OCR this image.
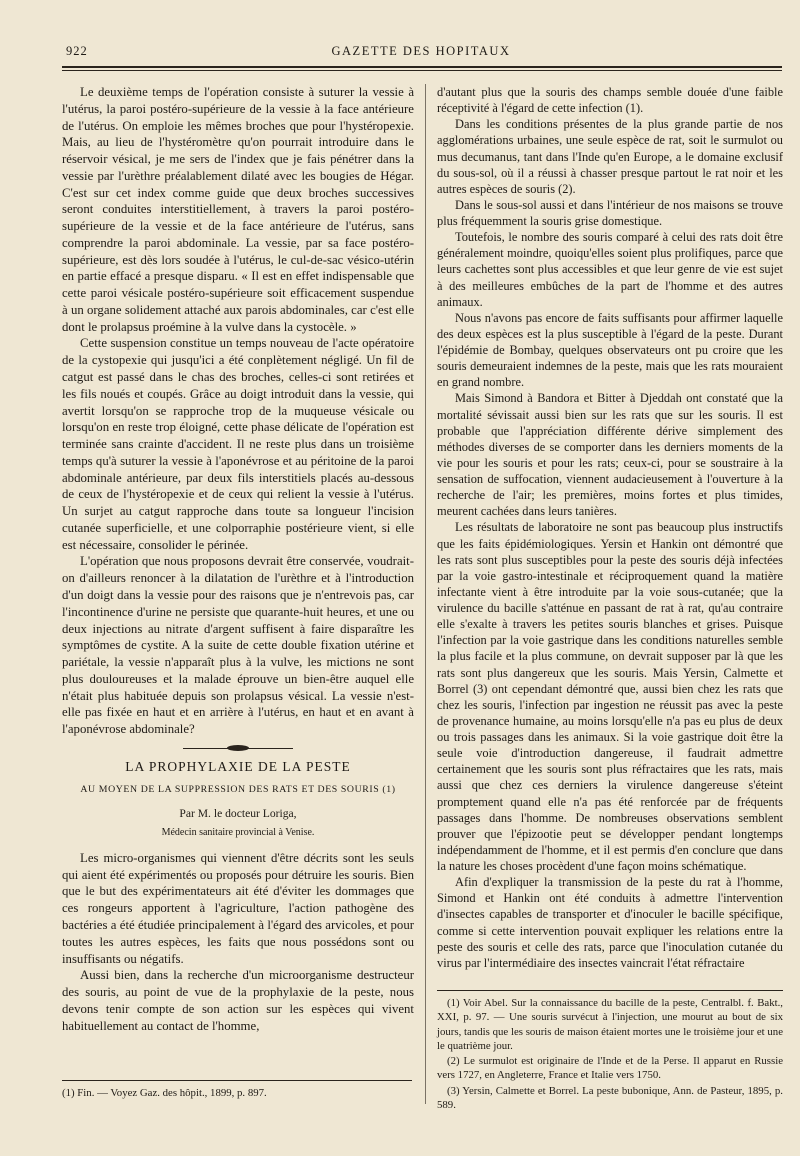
922	GAZETTE DES HOPITAUX

Le deuxième temps de l'opération consiste à suturer la vessie à l'utérus, la paroi postéro-supérieure de la vessie à la face antérieure de l'utérus. On emploie les mêmes broches que pour l'hystéropexie. Mais, au lieu de l'hystéromètre qu'on pourrait introduire dans le réservoir vésical, je me sers de l'index que je fais pénétrer dans la vessie par l'urèthre préalablement dilaté avec les bougies de Hégar. C'est sur cet index comme guide que deux broches successives seront conduites interstitiellement, à travers la paroi postéro-supérieure de la vessie et de la face antérieure de l'utérus, sans comprendre la paroi abdominale. La vessie, par sa face postéro-supérieure, est dès lors soudée à l'utérus, le cul-de-sac vésico-utérin en partie effacé a presque disparu. « Il est en effet indispensable que cette paroi vésicale postéro-supérieure soit efficacement suspendue à un organe solidement attaché aux parois abdominales, car c'est elle dont le prolapsus proémine à la vulve dans la cystocèle. »

Cette suspension constitue un temps nouveau de l'acte opératoire de la cystopexie qui jusqu'ici a été conplètement négligé. Un fil de catgut est passé dans le chas des broches, celles-ci sont retirées et les fils noués et coupés. Grâce au doigt introduit dans la vessie, qui avertit lorsqu'on se rapproche trop de la muqueuse vésicale ou lorsqu'on en reste trop éloigné, cette phase délicate de l'opération est terminée sans crainte d'accident. Il ne reste plus dans un troisième temps qu'à suturer la vessie à l'aponévrose et au péritoine de la paroi abdominale antérieure, par deux fils interstitiels placés au-dessous de ceux de l'hystéropexie et de ceux qui relient la vessie à l'utérus. Un surjet au catgut rapproche dans toute sa longueur l'incision cutanée superficielle, et une colporraphie postérieure vient, si elle est nécessaire, consolider le périnée.

L'opération que nous proposons devrait être conservée, voudrait-on d'ailleurs renoncer à la dilatation de l'urèthre et à l'introduction d'un doigt dans la vessie pour des raisons que je n'entrevois pas, car l'incontinence d'urine ne persiste que quarante-huit heures, et une ou deux injections au nitrate d'argent suffisent à faire disparaître les symptômes de cystite. A la suite de cette double fixation utérine et pariétale, la vessie n'apparaît plus à la vulve, les mictions ne sont plus douloureuses et la malade éprouve un bien-être auquel elle n'était plus habituée depuis son prolapsus vésical. La vessie n'est-elle pas fixée en haut et en arrière à l'utérus, en haut et en avant à l'aponévrose abdominale?

LA PROPHYLAXIE DE LA PESTE
AU MOYEN DE LA SUPPRESSION DES RATS ET DES SOURIS (1)
Par M. le docteur Loriga,
Médecin sanitaire provincial à Venise.

Les micro-organismes qui viennent d'être décrits sont les seuls qui aient été expérimentés ou proposés pour détruire les souris. Bien que le but des expérimentateurs ait été d'éviter les dommages que ces rongeurs apportent à l'agriculture, l'action pathogène des bactéries a été étudiée principalement à l'égard des arvicoles, et pour toutes les autres espèces, les faits que nous possédons sont ou insuffisants ou négatifs.

Aussi bien, dans la recherche d'un microorganisme destructeur des souris, au point de vue de la prophylaxie de la peste, nous devons tenir compte de son action sur les espèces qui vivent habituellement au contact de l'homme,

(1) Fin. — Voyez Gaz. des hôpit., 1899, p. 897.

d'autant plus que la souris des champs semble douée d'une faible réceptivité à l'égard de cette infection (1).

Dans les conditions présentes de la plus grande partie de nos agglomérations urbaines, une seule espèce de rat, soit le surmulot ou mus decumanus, tant dans l'Inde qu'en Europe, a le domaine exclusif du sous-sol, où il a réussi à chasser presque partout le rat noir et les autres espèces de souris (2).

Dans le sous-sol aussi et dans l'intérieur de nos maisons se trouve plus fréquemment la souris grise domestique.

Toutefois, le nombre des souris comparé à celui des rats doit être généralement moindre, quoiqu'elles soient plus prolifiques, parce que leurs cachettes sont plus accessibles et que leur genre de vie est sujet à des meilleures embûches de la part de l'homme et des autres animaux.

Nous n'avons pas encore de faits suffisants pour affirmer laquelle des deux espèces est la plus susceptible à l'égard de la peste. Durant l'épidémie de Bombay, quelques observateurs ont pu croire que les souris demeuraient indemnes de la peste, mais que les rats mouraient en grand nombre.

Mais Simond à Bandora et Bitter à Djeddah ont constaté que la mortalité sévissait aussi bien sur les rats que sur les souris. Il est probable que l'appréciation différente dérive simplement des méthodes diverses de se comporter dans les derniers moments de la vie pour les souris et pour les rats; ceux-ci, pour se soustraire à la sensation de suffocation, viennent audacieusement à l'ouverture à la recherche de l'air; les premières, moins fortes et plus timides, meurent cachées dans leurs tanières.

Les résultats de laboratoire ne sont pas beaucoup plus instructifs que les faits épidémiologiques. Yersin et Hankin ont démontré que les rats sont plus susceptibles pour la peste des souris déjà infectées par la voie gastro-intestinale et réciproquement quand la matière infectante vient à être introduite par la voie sous-cutanée; que la virulence du bacille s'atténue en passant de rat à rat, qu'au contraire elle s'exalte à travers les petites souris blanches et grises. Puisque l'infection par la voie gastrique dans les conditions naturelles semble la plus facile et la plus commune, on devrait supposer par là que les rats sont plus dangereux que les souris. Mais Yersin, Calmette et Borrel (3) ont cependant démontré que, aussi bien chez les rats que chez les souris, l'infection par ingestion ne réussit pas avec la peste de provenance humaine, au moins lorsqu'elle n'a pas eu plus de deux ou trois passages dans les animaux. Si la voie gastrique doit être la seule voie d'introduction dangereuse, il faudrait admettre certainement que les souris sont plus réfractaires que les rats, mais aussi que chez ces derniers la virulence dangereuse s'éteint promptement quand elle n'a pas été renforcée par de fréquents passages dans l'homme. De nombreuses observations semblent prouver que l'épizootie peut se développer pendant longtemps indépendamment de l'homme, et il est permis d'en conclure que dans la nature les choses procèdent d'une façon moins schématique.

Afin d'expliquer la transmission de la peste du rat à l'homme, Simond et Hankin ont été conduits à admettre l'intervention d'insectes capables de transporter et d'inoculer le bacille spécifique, comme si cette intervention pouvait expliquer les relations entre la peste des souris et celle des rats, parce que l'inoculation cutanée du virus par l'intermédiaire des insectes vaincrait l'état réfractaire

(1) Voir Abel. Sur la connaissance du bacille de la peste, Centralbl. f. Bakt., XXI, p. 97. — Une souris survécut à l'injection, une mourut au bout de six jours, tandis que les souris de maison étaient mortes une le troisième jour et une le quatrième jour.

(2) Le surmulot est originaire de l'Inde et de la Perse. Il apparut en Russie vers 1727, en Angleterre, France et Italie vers 1750.

(3) Yersin, Calmette et Borrel. La peste bubonique, Ann. de Pasteur, 1895, p. 589.
